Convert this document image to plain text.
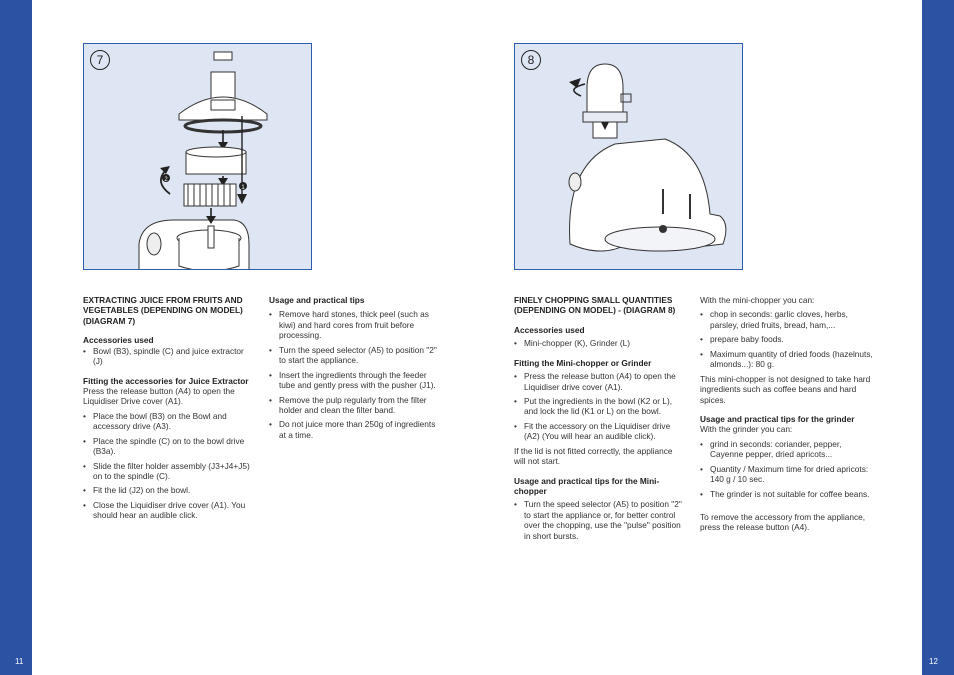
11	12
7
2
1
8
EXTRACTING JUICE FROM FRUITS AND VEGETABLES (DEPENDING ON MODEL) (DIAGRAM 7)
Accessories used
• Bowl (B3), spindle (C) and juice extractor (J)
Fitting the accessories for Juice Extractor
Press the release button (A4) to open the Liquidiser Drive cover (A1).
• Place the bowl (B3) on the Bowl and accessory drive (A3).
• Place the spindle (C) on to the bowl drive (B3a).
• Slide the filter holder assembly (J3+J4+J5) on to the spindle (C).
• Fit the lid (J2) on the bowl.
• Close the Liquidiser drive cover (A1). You should hear an audible click.
Usage and practical tips
• Remove hard stones, thick peel (such as kiwi) and hard cores from fruit before processing.
• Turn the speed selector (A5) to position "2" to start the appliance.
• Insert the ingredients through the feeder tube and gently press with the pusher (J1).
• Remove the pulp regularly from the filter holder and clean the filter band.
• Do not juice more than 250g of ingredients at a time.
FINELY CHOPPING SMALL QUANTITIES (DEPENDING ON MODEL) - (DIAGRAM 8)
Accessories used
• Mini-chopper (K), Grinder (L)
Fitting the Mini-chopper or Grinder
• Press the release button (A4) to open the Liquidiser drive cover (A1).
• Put the ingredients in the bowl (K2 or L), and lock the lid (K1 or L) on the bowl.
• Fit the accessory on the Liquidiser drive (A2) (You will hear an audible click).
If the lid is not fitted correctly, the appliance will not start.
Usage and practical tips for the Mini-chopper
• Turn the speed selector (A5) to position "2" to start the appliance or, for better control over the chopping, use the "pulse" position in short bursts.
With the mini-chopper you can:
• chop in seconds: garlic cloves, herbs, parsley, dried fruits, bread, ham,...
• prepare baby foods.
• Maximum quantity of dried foods (hazelnuts, almonds...): 80 g.
This mini-chopper is not designed to take hard ingredients such as coffee beans and hard spices.
Usage and practical tips for the grinder
With the grinder you can:
• grind in seconds: coriander, pepper, Cayenne pepper, dried apricots...
• Quantity / Maximum time for dried apricots: 140 g / 10 sec.
• The grinder is not suitable for coffee beans.
To remove the accessory from the appliance, press the release button (A4).
